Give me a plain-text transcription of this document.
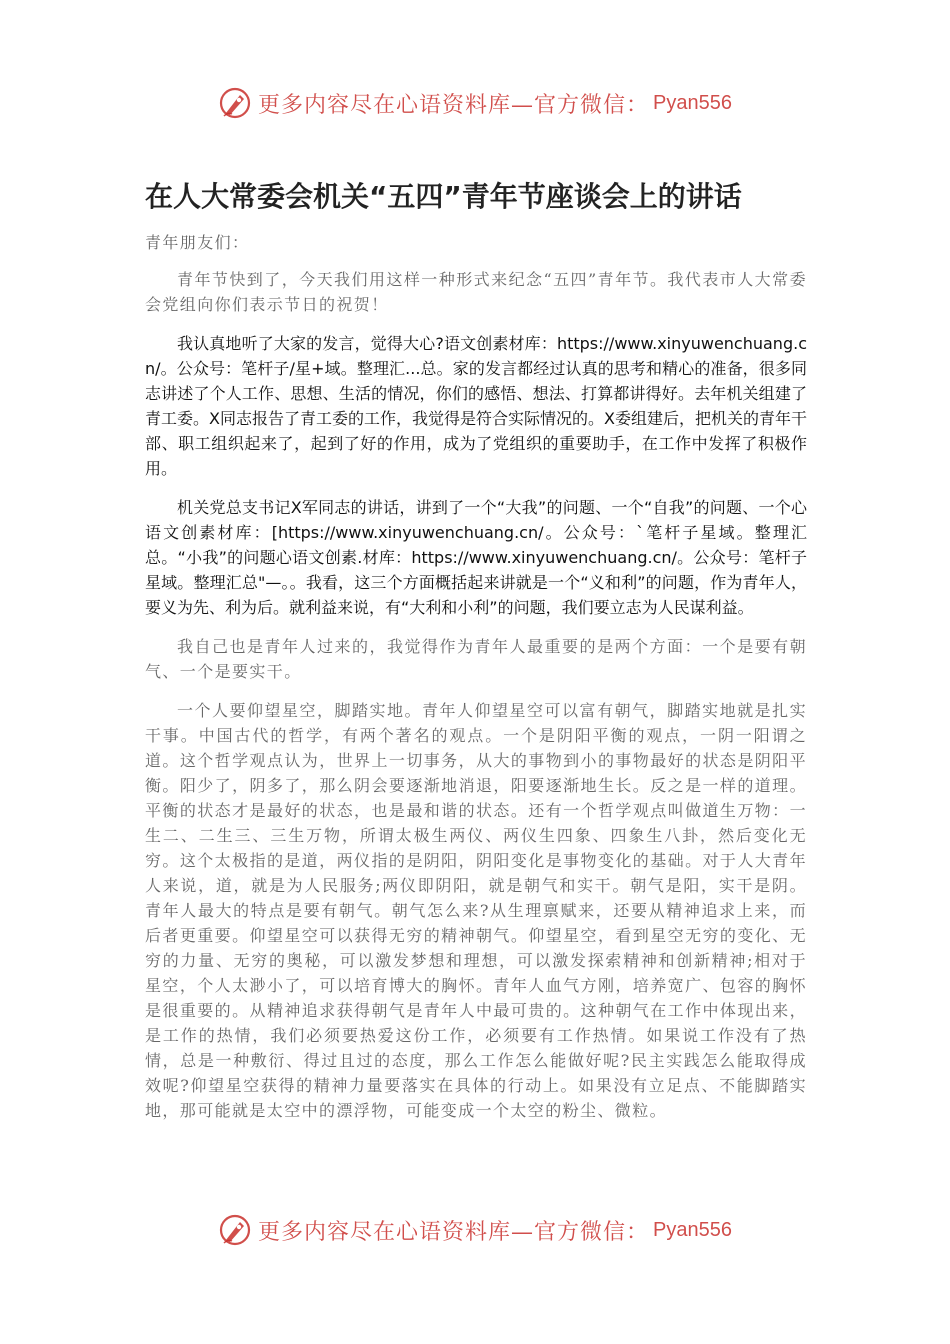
更多内容尽在心语资料库—官方微信： Pyan556
在人大常委会机关“五四”青年节座谈会上的讲话

青年朋友们：

青年节快到了，今天我们用这样一种形式来纪念“五四”青年节。我代表市人大常委会党组向你们表示节日的祝贺！

我认真地听了大家的发言，觉得大心?语文创素材库：https://www.xinyuwenchuang.cn/。公众号：笔杆子/星+域。整理汇...总。家的发言都经过认真的思考和精心的准备，很多同志讲述了个人工作、思想、生活的情况，你们的感悟、想法、打算都讲得好。去年机关组建了青工委。X同志报告了青工委的工作，我觉得是符合实际情况的。X委组建后，把机关的青年干部、职工组织起来了，起到了好的作用，成为了党组织的重要助手，在工作中发挥了积极作用。

机关党总支书记X军同志的讲话，讲到了一个“大我”的问题、一个“自我”的问题、一个心语文创素材库：[https://www.xinyuwenchuang.cn/。公众号：`笔杆子星域。整理汇总。“小我”的问题心语文创素.材库：https://www.xinyuwenchuang.cn/。公众号：笔杆子星域。整理汇总"—。。我看，这三个方面概括起来讲就是一个“义和利”的问题，作为青年人，要义为先、利为后。就利益来说，有“大利和小利”的问题，我们要立志为人民谋利益。

我自己也是青年人过来的，我觉得作为青年人最重要的是两个方面：一个是要有朝气、一个是要实干。

一个人要仰望星空，脚踏实地。青年人仰望星空可以富有朝气，脚踏实地就是扎实干事。中国古代的哲学，有两个著名的观点。一个是阴阳平衡的观点，一阴一阳谓之道。这个哲学观点认为，世界上一切事务，从大的事物到小的事物最好的状态是阴阳平衡。阳少了，阴多了，那么阴会要逐渐地消退，阳要逐渐地生长。反之是一样的道理。平衡的状态才是最好的状态，也是最和谐的状态。还有一个哲学观点叫做道生万物：一生二、二生三、三生万物，所谓太极生两仪、两仪生四象、四象生八卦，然后变化无穷。这个太极指的是道，两仪指的是阴阳，阴阳变化是事物变化的基础。对于人大青年人来说，道，就是为人民服务;两仪即阴阳，就是朝气和实干。朝气是阳，实干是阴。青年人最大的特点是要有朝气。朝气怎么来?从生理禀赋来，还要从精神追求上来，而后者更重要。仰望星空可以获得无穷的精神朝气。仰望星空，看到星空无穷的变化、无穷的力量、无穷的奥秘，可以激发梦想和理想，可以激发探索精神和创新精神;相对于星空，个人太渺小了，可以培育博大的胸怀。青年人血气方刚，培养宽广、包容的胸怀是很重要的。从精神追求获得朝气是青年人中最可贵的。这种朝气在工作中体现出来，是工作的热情，我们必须要热爱这份工作，必须要有工作热情。如果说工作没有了热情，总是一种敷衍、得过且过的态度，那么工作怎么能做好呢?民主实践怎么能取得成效呢?仰望星空获得的精神力量要落实在具体的行动上。如果没有立足点、不能脚踏实地，那可能就是太空中的漂浮物，可能变成一个太空的粉尘、微粒。

更多内容尽在心语资料库—官方微信： Pyan556
